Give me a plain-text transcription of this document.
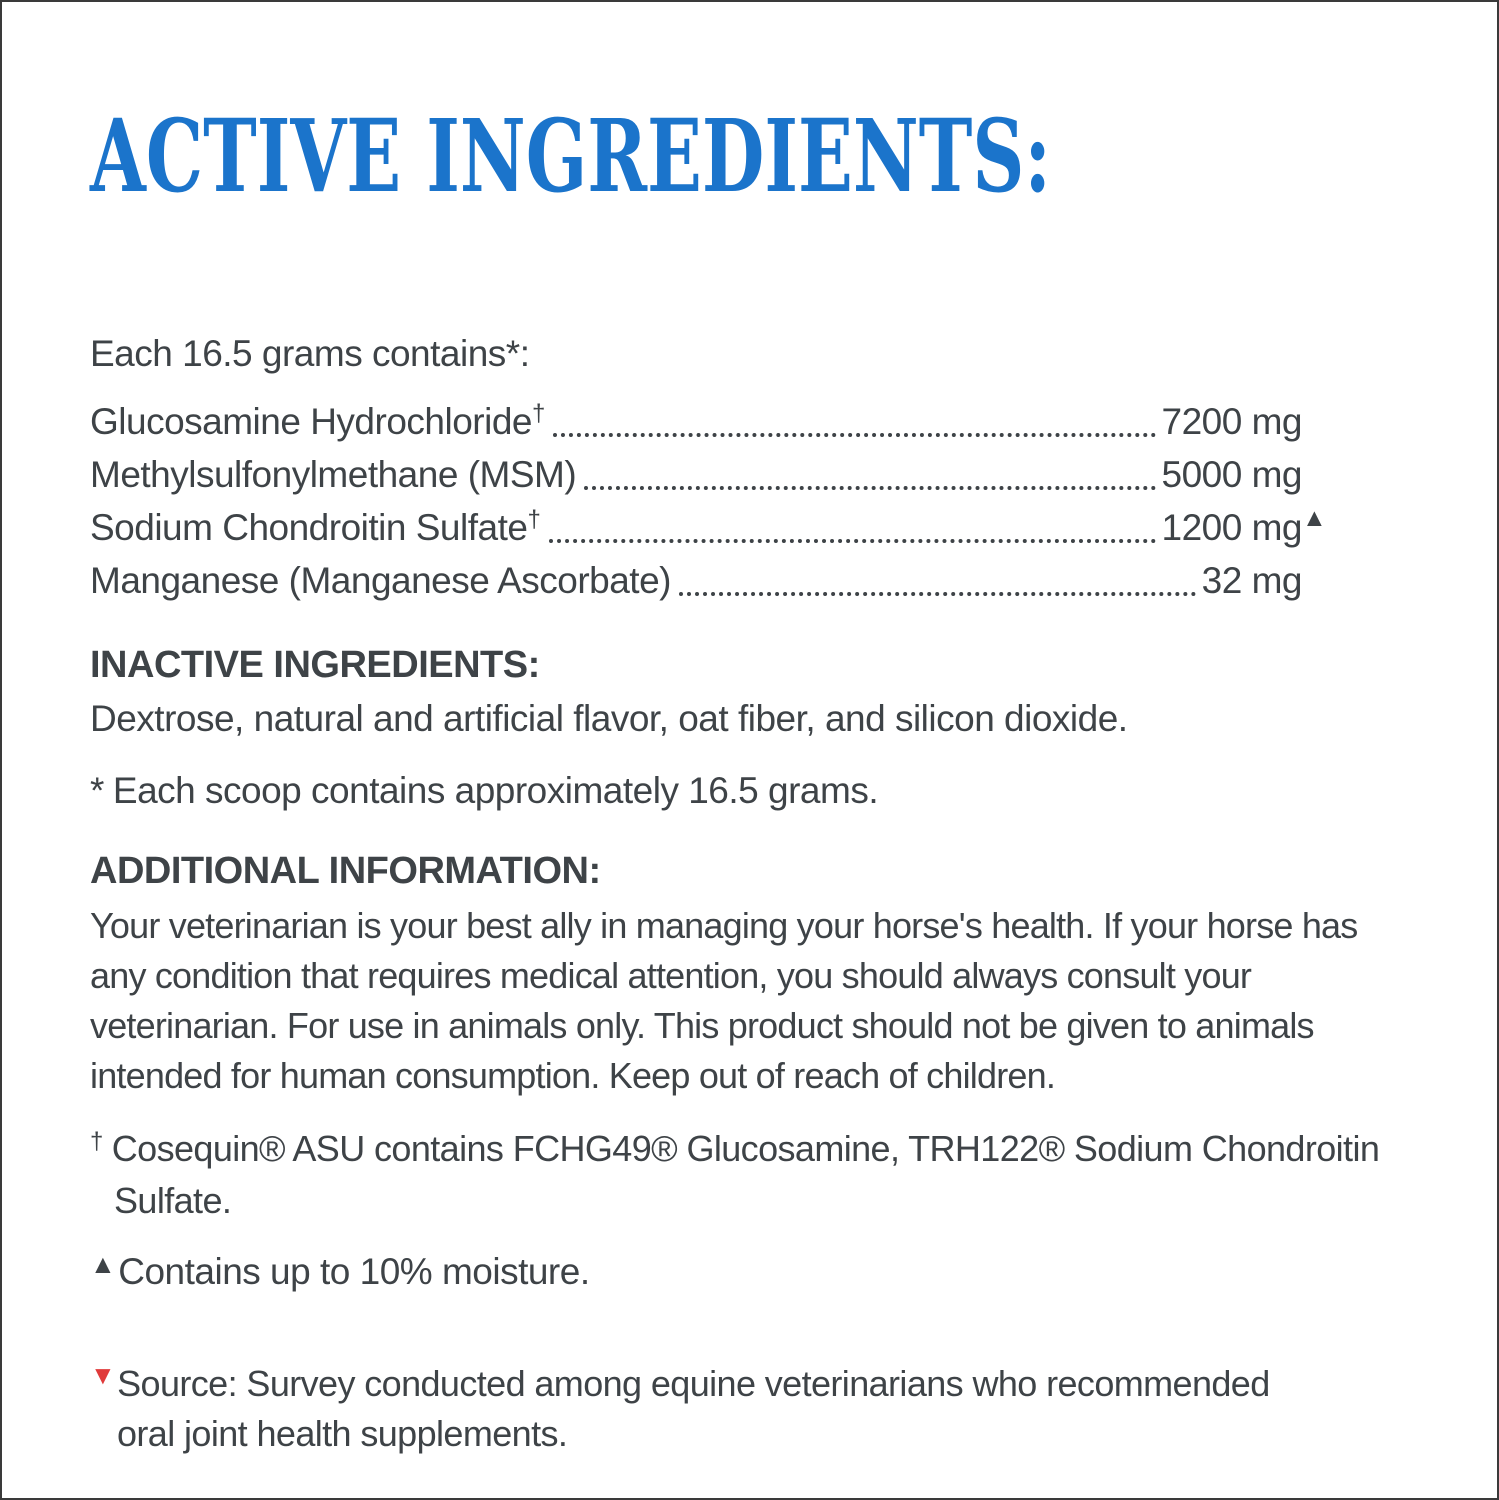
ACTIVE INGREDIENTS:

Each 16.5 grams contains*:

Glucosamine Hydrochloride†	7200 mg
Methylsulfonylmethane (MSM)	5000 mg
Sodium Chondroitin Sulfate†	1200 mg▲
Manganese (Manganese Ascorbate)	32 mg
INACTIVE INGREDIENTS:

Dextrose, natural and artificial flavor, oat fiber, and silicon dioxide.

* Each scoop contains approximately 16.5 grams.

ADDITIONAL INFORMATION:

Your veterinarian is your best ally in managing your horse's health. If your horse has any condition that requires medical attention, you should always consult your veterinarian. For use in animals only. This product should not be given to animals intended for human consumption. Keep out of reach of children.

† Cosequin® ASU contains FCHG49® Glucosamine, TRH122® Sodium Chondroitin Sulfate.

▲Contains up to 10% moisture.

▼Source: Survey conducted among equine veterinarians who recommended oral joint health supplements.
